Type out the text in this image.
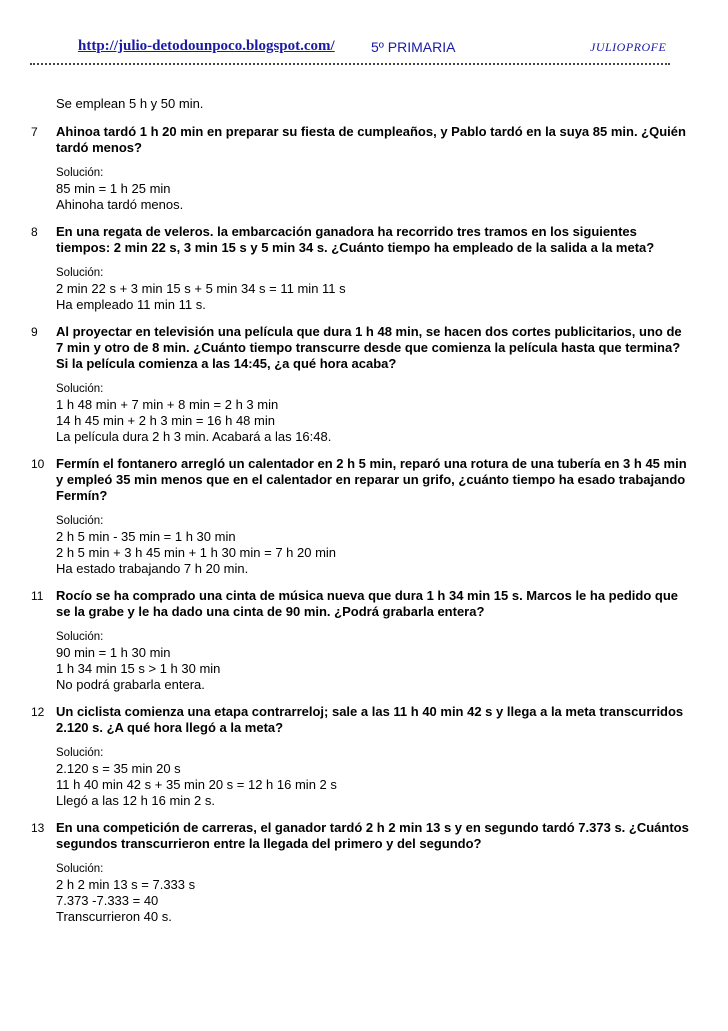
http://julio-detodounpoco.blogspot.com/	5º PRIMARIA	JULIOPROFE
Se emplean 5 h y 50 min.
7 Ahinoa tardó 1 h 20 min en preparar su fiesta de cumpleaños, y Pablo tardó en la suya 85 min. ¿Quién tardó menos?
Solución:
85 min = 1 h 25 min
Ahinoha tardó menos.
8 En una regata de veleros. la embarcación ganadora ha recorrido tres tramos en los siguientes tiempos: 2 min 22 s, 3 min 15 s y 5 min 34 s. ¿Cuánto tiempo ha empleado de la salida a la meta?
Solución:
2 min 22 s + 3 min 15 s + 5 min 34 s = 11 min 11 s
Ha empleado 11 min 11 s.
9 Al proyectar en televisión una película que dura 1 h 48 min, se hacen dos cortes publicitarios, uno de 7 min y otro de 8 min. ¿Cuánto tiempo transcurre desde que comienza la película hasta que termina? Si la película comienza a las 14:45, ¿a qué hora acaba?
Solución:
1 h 48 min + 7 min + 8 min = 2 h 3 min
14 h 45 min + 2 h 3 min = 16 h 48 min
La película dura 2 h 3 min. Acabará a las 16:48.
10 Fermín el fontanero arregló un calentador en 2 h 5 min, reparó una rotura de una tubería en 3 h 45 min y empleó 35 min menos que en el calentador en reparar un grifo, ¿cuánto tiempo ha esado trabajando Fermín?
Solución:
2 h 5 min - 35 min = 1 h 30 min
2 h 5 min + 3 h 45 min + 1 h 30 min = 7 h 20 min
Ha estado trabajando 7 h 20 min.
11 Rocío se ha comprado una cinta de música nueva que dura 1 h 34 min 15 s. Marcos le ha pedido que se la grabe y le ha dado una cinta de 90 min. ¿Podrá grabarla entera?
Solución:
90 min = 1 h 30 min
1 h 34 min 15 s > 1 h 30 min
No podrá grabarla entera.
12 Un ciclista comienza una etapa contrarreloj; sale a las 11 h 40 min 42 s y llega a la meta transcurridos 2.120 s. ¿A qué hora llegó a la meta?
Solución:
2.120 s = 35 min 20 s
11 h 40 min 42 s + 35 min 20 s = 12 h 16 min 2 s
Llegó a las 12 h 16 min 2 s.
13 En una competición de carreras, el ganador tardó 2 h 2 min 13 s y en segundo tardó 7.373 s. ¿Cuántos segundos transcurrieron entre la llegada del primero y del segundo?
Solución:
2 h 2 min 13 s = 7.333 s
7.373 -7.333 = 40
Transcurrieron 40 s.
